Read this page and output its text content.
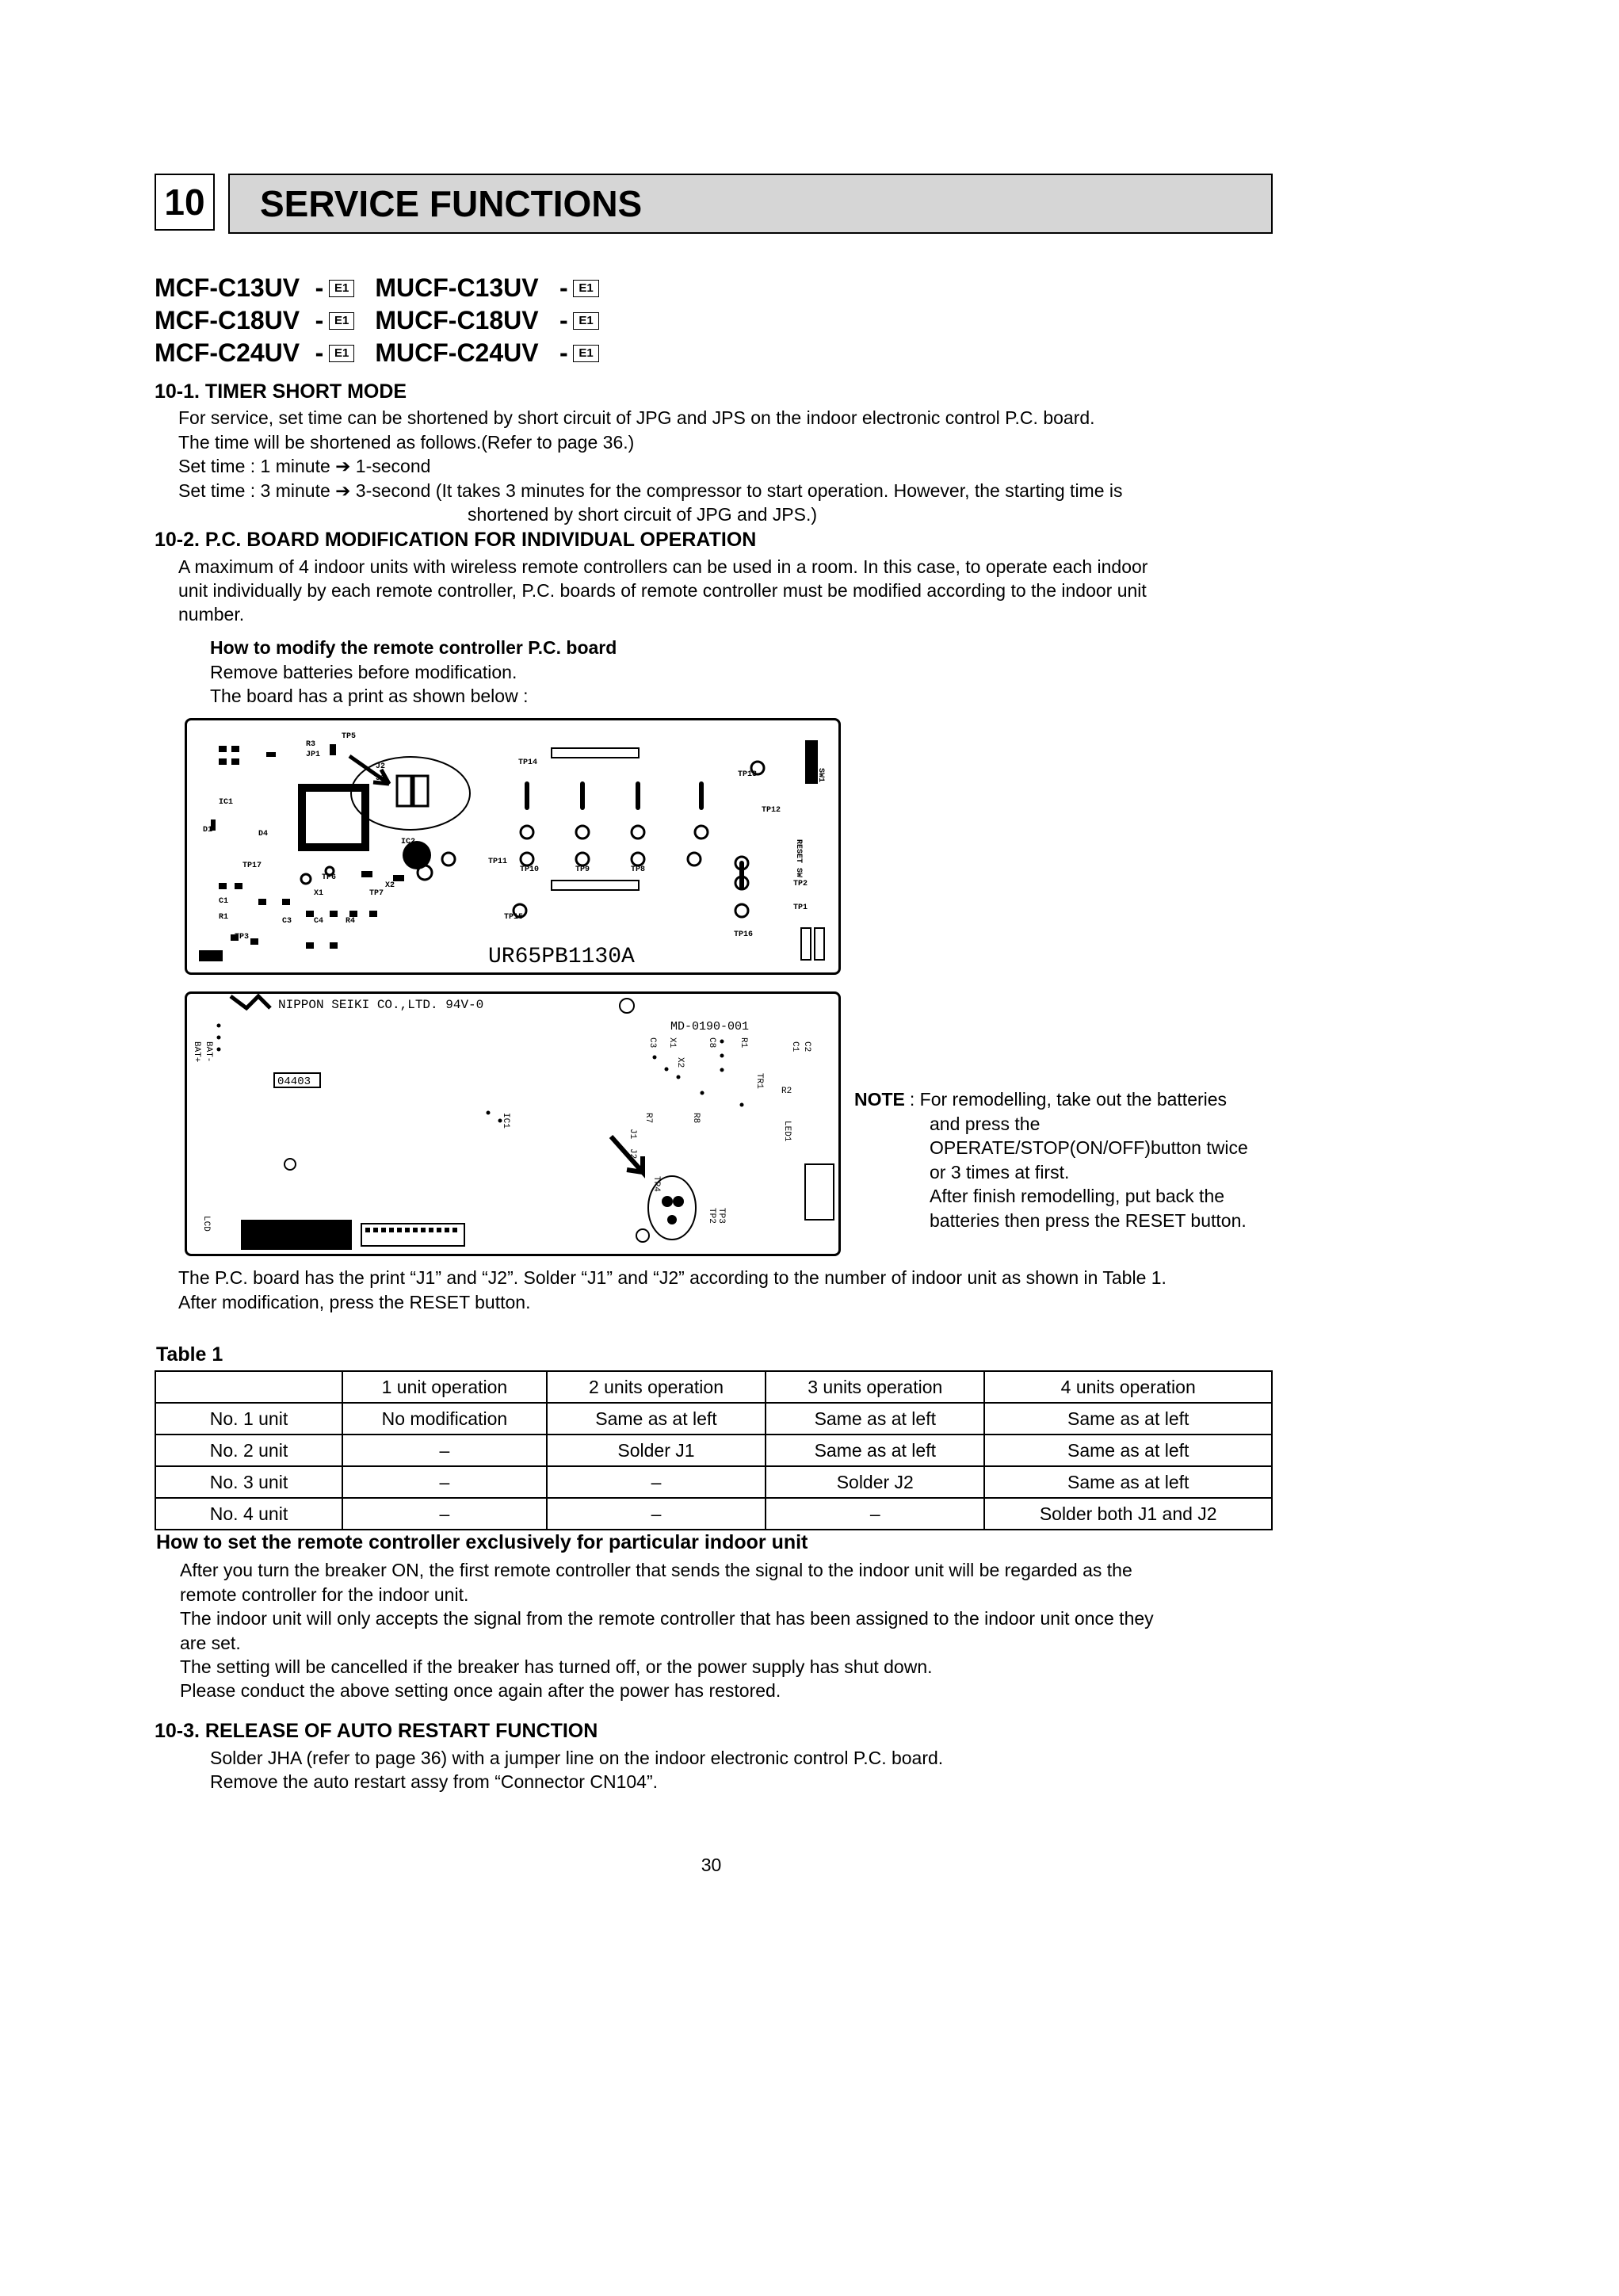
10	SERVICE FUNCTIONS
MCF-C13UV - E1 MUCF-C13UV - E1
MCF-C18UV - E1 MUCF-C18UV - E1
MCF-C24UV - E1 MUCF-C24UV - E1
10-1. TIMER SHORT MODE
For service, set time can be shortened by short circuit of JPG and JPS on the indoor electronic control P.C. board.
The time will be shortened as follows.(Refer to page 36.)
Set time : 1 minute ➔ 1-second
Set time : 3 minute ➔ 3-second (It takes 3 minutes for the compressor to start operation. However, the starting time is
shortened by short circuit of JPG and JPS.)
10-2. P.C. BOARD MODIFICATION FOR INDIVIDUAL OPERATION
A maximum of 4 indoor units with wireless remote controllers can be used in a room. In this case, to operate each indoor
unit individually by each remote controller, P.C. boards of remote controller must be modified according to the indoor unit
number.
How to modify the remote controller P.C. board
Remove batteries before modification.
The board has a print as shown below :
TP5
R3
JP1
J2
J1
TP14
IC1
IC2
TP13
TP12
TP17	TP11
TP10	TP9	TP8
TP2
TP1
TP7
X1
X2
TP6
TP15
TP16
TP3
C1
R1	C3	C4	R4
D1	D4
RESET SW
SW1
UR65PB1130A
NIPPON SEIKI CO.,LTD. 94V-0
MD-0190-001
04403
BAT+ BAT-
J1
J2
IC1
LED1
TR1
TP2 TP3
TP4
R7	R8
X1
X2
C3	C8
R2
R1	C1 C2
LCD
NOTE : For remodelling, take out the batteries
and press the
OPERATE/STOP(ON/OFF)button twice
or 3 times at first.
After finish remodelling, put back the
batteries then press the RESET button.
The P.C. board has the print “J1” and “J2”. Solder “J1” and “J2” according to the number of indoor unit as shown in Table 1.
After modification, press the RESET button.
Table 1
	1 unit operation	2 units operation	3 units operation	4 units operation
No. 1 unit	No modification	Same as at left	Same as at left	Same as at left
No. 2 unit	–	Solder J1	Same as at left	Same as at left
No. 3 unit	–	–	Solder J2	Same as at left
No. 4 unit	–	–	–	Solder both J1 and J2
How to set the remote controller exclusively for particular indoor unit
After you turn the breaker ON, the first remote controller that sends the signal to the indoor unit will be regarded as the
remote controller for the indoor unit.
The indoor unit will only accepts the signal from the remote controller that has been assigned to the indoor unit once they
are set.
The setting will be cancelled if the breaker has turned off, or the power supply has shut down.
Please conduct the above setting once again after the power has restored.
10-3. RELEASE OF AUTO RESTART FUNCTION
Solder JHA (refer to page 36) with a jumper line on the indoor electronic control P.C. board.
Remove the auto restart assy from “Connector CN104”.
30
